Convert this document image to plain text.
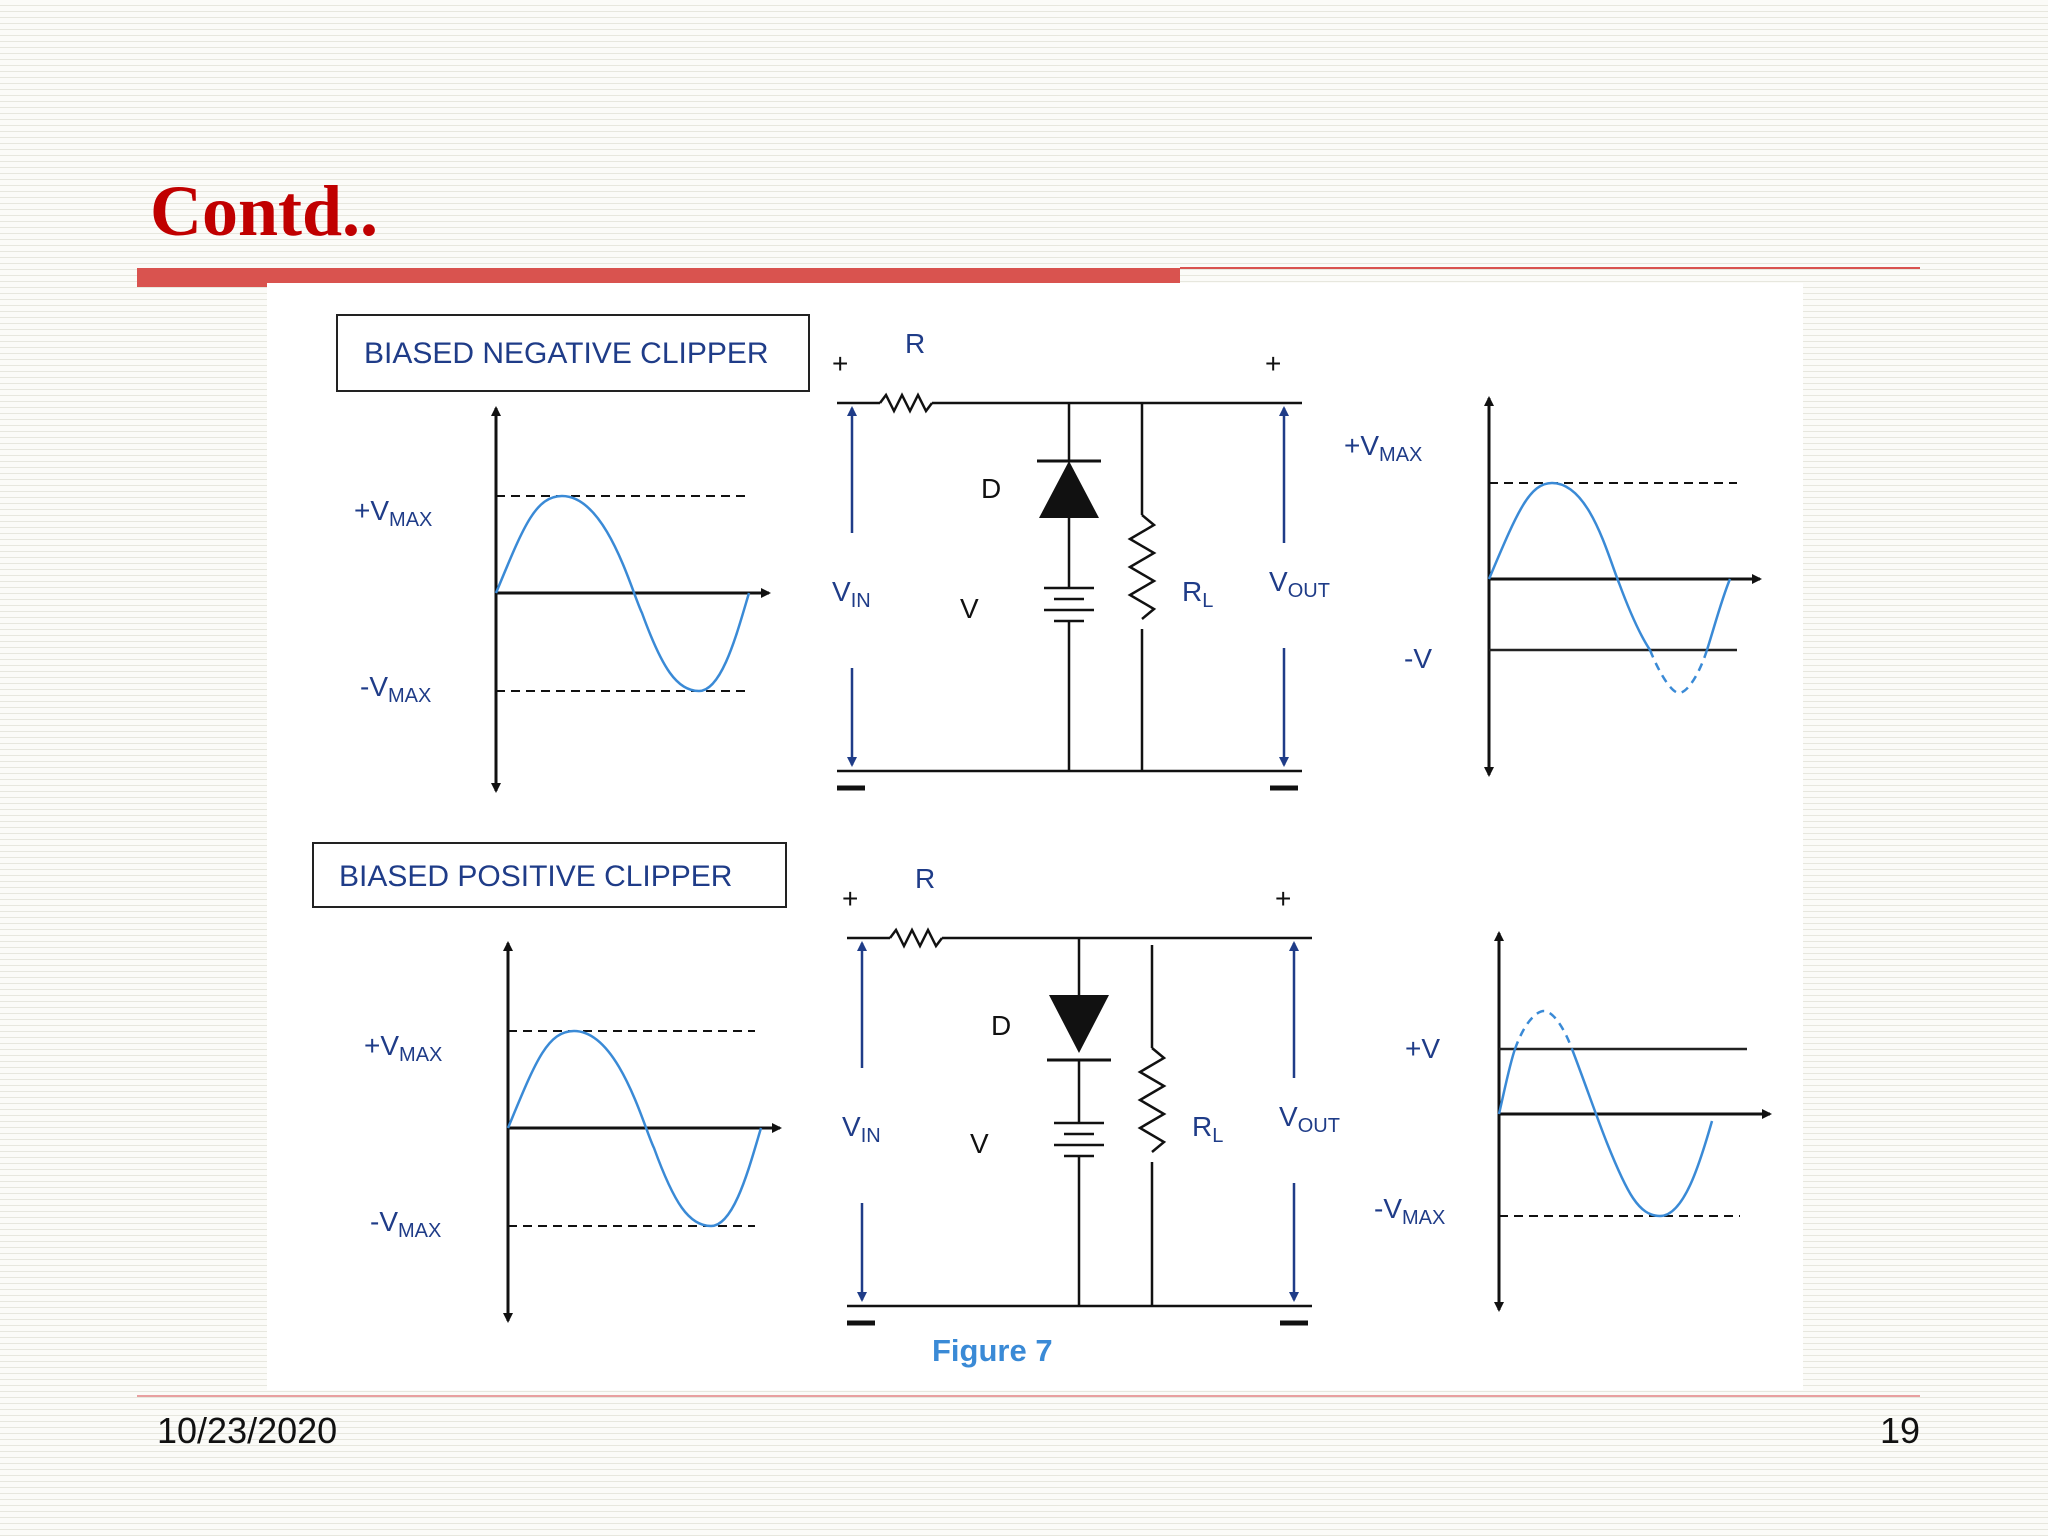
Contd..
BIASED NEGATIVE CLIPPER
$+V_{MAX}$
$-V_{MAX}$
+	+
R
D
V
$R_L$
$V_{IN}$
$V_{OUT}$
$+V_{MAX}$
-V
BIASED POSITIVE CLIPPER
$+V_{MAX}$
$-V_{MAX}$
+	+
R
D
V
$R_L$
$V_{IN}$
$V_{OUT}$
+V
$-V_{MAX}$
Figure 7
10/23/2020	19
